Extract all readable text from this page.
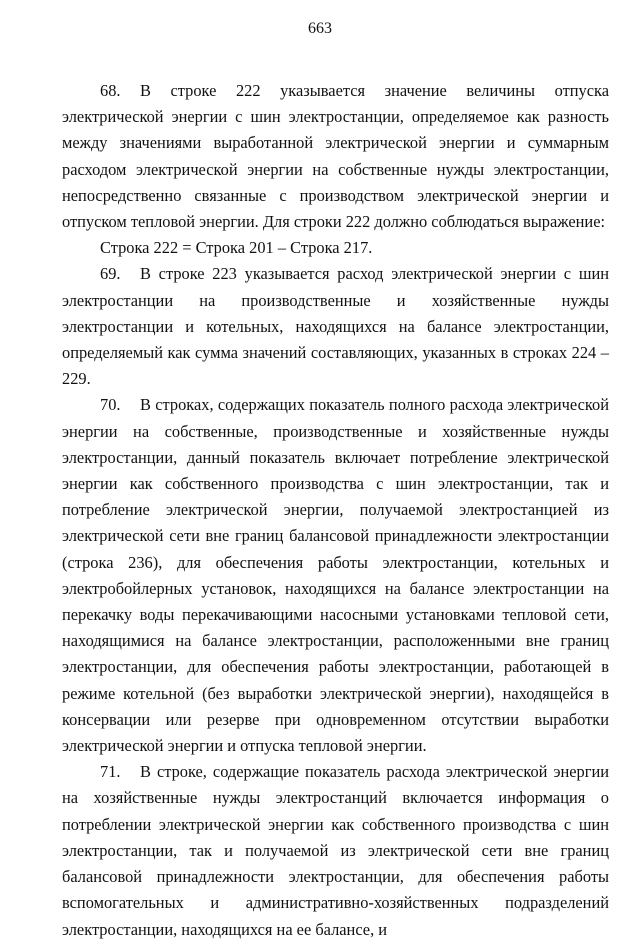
663

68. В строке 222 указывается значение величины отпуска электрической энергии с шин электростанции, определяемое как разность между значениями выработанной электрической энергии и суммарным расходом электрической энергии на собственные нужды электростанции, непосредственно связанные с производством электрической энергии и отпуском тепловой энергии. Для строки 222 должно соблюдаться выражение:

Строка 222 = Строка 201 – Строка 217.

69. В строке 223 указывается расход электрической энергии с шин электростанции на производственные и хозяйственные нужды электростанции и котельных, находящихся на балансе электростанции, определяемый как сумма значений составляющих, указанных в строках 224 – 229.

70. В строках, содержащих показатель полного расхода электрической энергии на собственные, производственные и хозяйственные нужды электростанции, данный показатель включает потребление электрической энергии как собственного производства с шин электростанции, так и потребление электрической энергии, получаемой электростанцией из электрической сети вне границ балансовой принадлежности электростанции (строка 236), для обеспечения работы электростанции, котельных и электробойлерных установок, находящихся на балансе электростанции на перекачку воды перекачивающими насосными установками тепловой сети, находящимися на балансе электростанции, расположенными вне границ электростанции, для обеспечения работы электростанции, работающей в режиме котельной (без выработки электрической энергии), находящейся в консервации или резерве при одновременном отсутствии выработки электрической энергии и отпуска тепловой энергии.

71. В строке, содержащие показатель расхода электрической энергии на хозяйственные нужды электростанций включается информация о потреблении электрической энергии как собственного производства с шин электростанции, так и получаемой из электрической сети вне границ балансовой принадлежности электростанции, для обеспечения работы вспомогательных и административно-хозяйственных подразделений электростанции, находящихся на ее балансе, и
